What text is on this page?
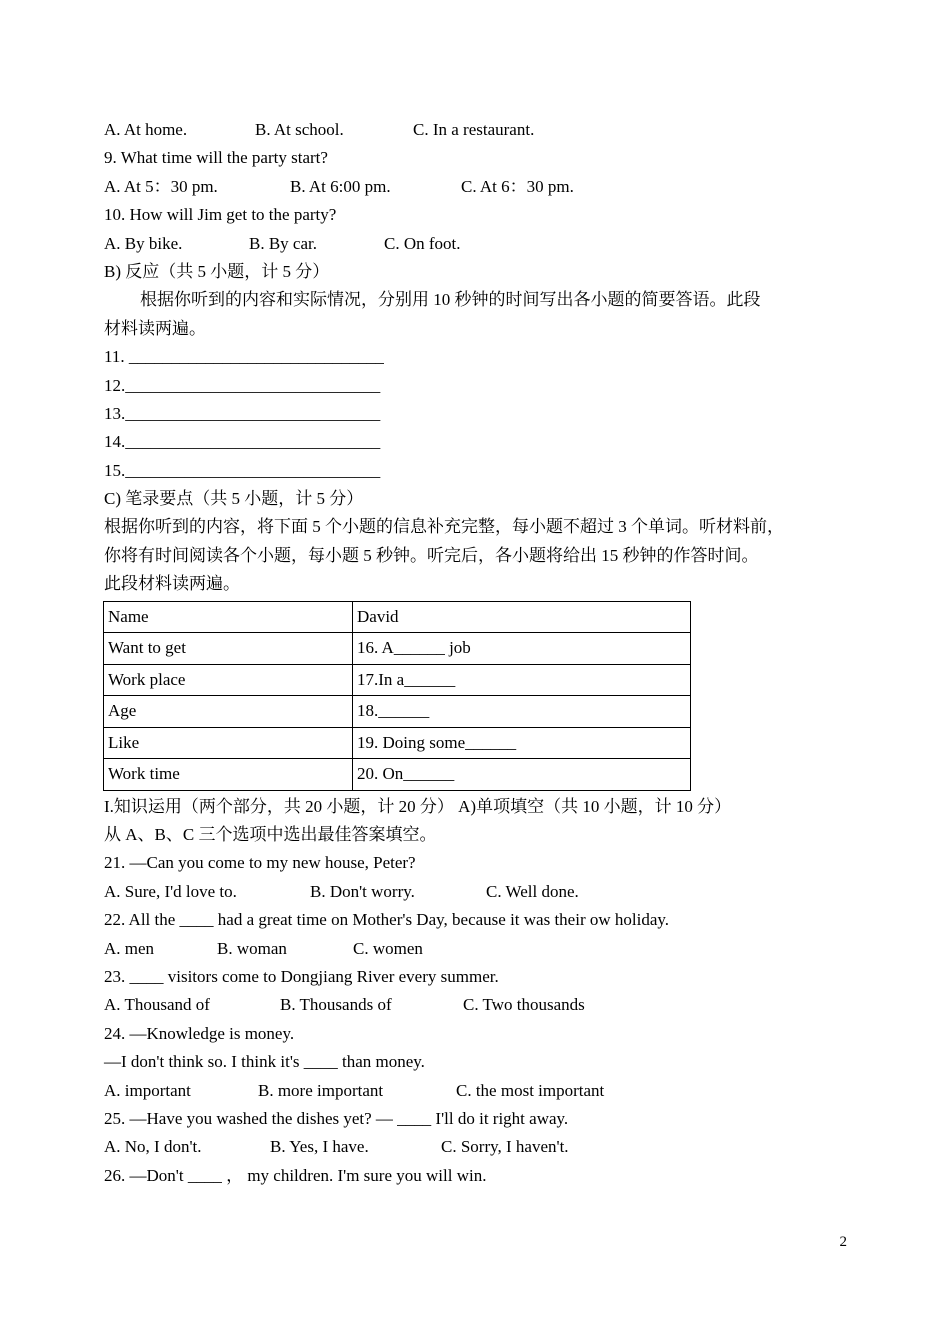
A. At home.	B. At school.	C. In a restaurant.
9. What time will the party start?
A. At 5：30 pm.	B. At 6:00 pm.	C. At 6：30 pm.
10. How will Jim get to the party?
A. By bike.	B. By car.	C. On foot.
B) 反应（共 5 小题，计 5 分）
根据你听到的内容和实际情况，分别用 10 秒钟的时间写出各小题的简要答语。此段
材料读两遍。
11. ______________________________
12.______________________________
13.______________________________
14.______________________________
15.______________________________
C) 笔录要点（共 5 小题，计 5 分）
根据你听到的内容，将下面 5 个小题的信息补充完整，每小题不超过 3 个单词。听材料前，
你将有时间阅读各个小题，每小题 5 秒钟。听完后，各小题将给出 15 秒钟的作答时间。
此段材料读两遍。
Name	David
Want to get	16. A______ job
Work place	17.In a______
Age	18.______
Like	19. Doing some______
Work time	20. On______
I.知识运用（两个部分，共 20 小题，计 20 分） A)单项填空（共 10 小题，计 10 分）
从 A、B、C 三个选项中选出最佳答案填空。
21. —Can you come to my new house, Peter?
A. Sure, I'd love to.	B. Don't worry.	C. Well done.
22. All the ____ had a great time on Mother's Day, because it was their ow holiday.
A. men	B. woman	C. women
23. ____ visitors come to Dongjiang River every summer.
A. Thousand of	B. Thousands of	C. Two thousands
24. —Knowledge is money.
—I don't think so. I think it's ____ than money.
A. important	B. more important	C. the most important
25. —Have you washed the dishes yet? — ____ I'll do it right away.
A. No, I don't.	B. Yes, I have.	C. Sorry, I haven't.
26. —Don't ____ ， my children. I'm sure you will win.
2
